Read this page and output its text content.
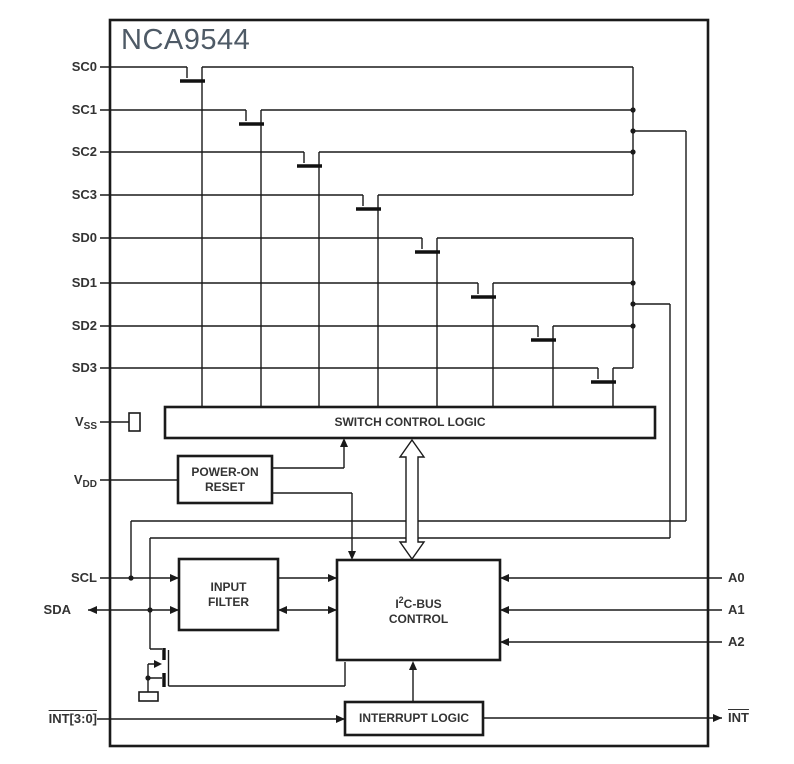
NCA9544
SC0
SC1
SC2
SC3
SD0
SD1
SD2
SD3
$V_{SS}$
$V_{DD}$
SCL
SDA
INT[3:0]
A0
A1
A2
$\overline{INT}$
SWITCH CONTROL LOGIC
POWER-ON
RESET
INPUT
FILTER	$I^2C$-BUS
CONTROL
INTERRUPT LOGIC
